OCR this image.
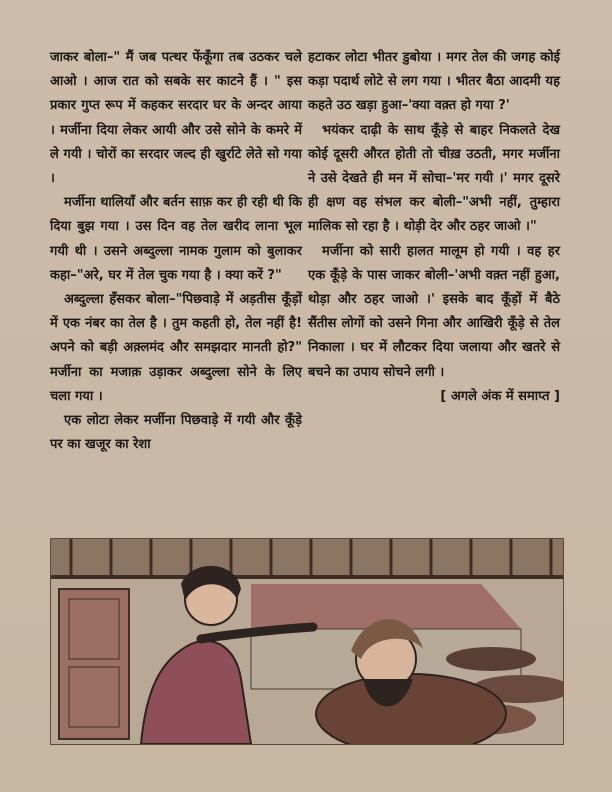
जाकर बोला–" मैं जब पत्थर फेंकूँगा तब उठकर चले आओ । आज रात को सबके सर काटने हैं । " इस प्रकार गुप्त रूप में कहकर सरदार घर के अन्दर आया । मर्जीना दिया लेकर आयी और उसे सोने के कमरे में ले गयी । चोरों का सरदार जल्द ही खुर्राटे लेते सो गया ।

मर्जीना थालियाँ और बर्तन साफ़ कर ही रही थी कि दिया बुझ गया । उस दिन वह तेल खरीद लाना भूल गयी थी । उसने अब्दुल्ला नामक गुलाम को बुलाकर कहा–"अरे, घर में तेल चुक गया है । क्या करें ?"

अब्दुल्ला हँसकर बोला–"पिछवाड़े में अड़तीस कूँड़ों में एक नंबर का तेल है । तुम कहती हो, तेल नहीं है! अपने को बड़ी अक़्लमंद और समझदार मानती हो?" मर्जीना का मजाक़ उड़ाकर अब्दुल्ला सोने के लिए चला गया ।

एक लोटा लेकर मर्जीना पिछवाड़े में गयी और कूँड़े पर का खजूर का रेशा

हटाकर लोटा भीतर डुबोया । मगर तेल की जगह कोई कड़ा पदार्थ लोटे से लग गया । भीतर बैठा आदमी यह कहते उठ खड़ा हुआ–'क्या वक़्त हो गया ?'

भयंकर दाढ़ी के साथ कूँड़े से बाहर निकलते देख कोई दूसरी औरत होती तो चीख़ उठती, मगर मर्जीना ने उसे देखते ही मन में सोचा–'मर गयी ।' मगर दूसरे ही क्षण वह संभल कर बोली–"अभी नहीं, तुम्हारा मालिक सो रहा है । थोड़ी देर और ठहर जाओ ।"

मर्जीना को सारी हालत मालूम हो गयी । वह हर एक कूँड़े के पास जाकर बोली–'अभी वक़्त नहीं हुआ, थोड़ा और ठहर जाओ ।' इसके बाद कूँड़ों में बैठे सैंतीस लोगों को उसने गिना और आखिरी कूँड़े से तेल निकाला । घर में लौटकर दिया जलाया और खतरे से बचने का उपाय सोचने लगी ।

[ अगले अंक में समाप्त ]
